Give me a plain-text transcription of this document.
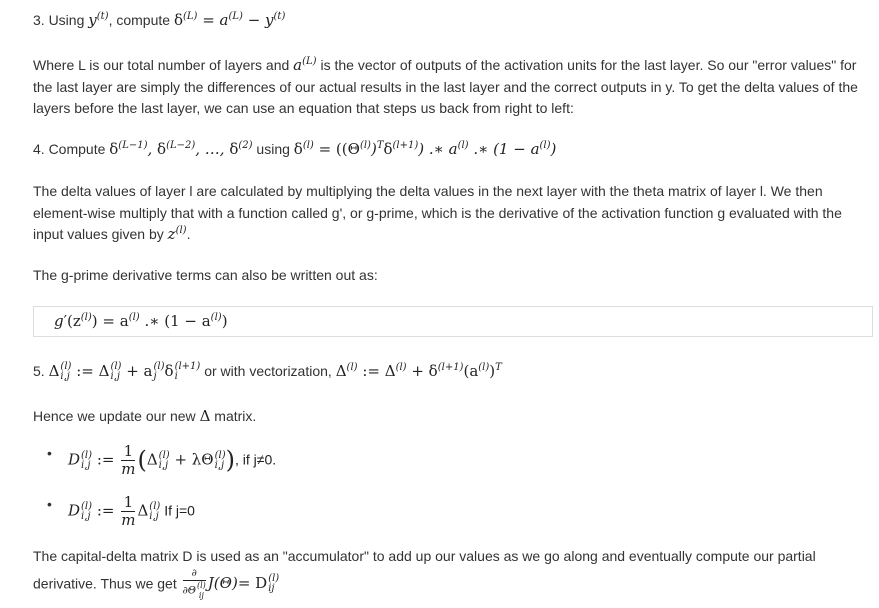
3. Using $y^{(t)}$, compute $\delta^{(L)} = a^{(L)} - y^{(t)}$

Where L is our total number of layers and $a^{(L)}$ is the vector of outputs of the activation units for the last layer. So our "error values" for the last layer are simply the differences of our actual results in the last layer and the correct outputs in y. To get the delta values of the layers before the last layer, we can use an equation that steps us back from right to left:

4. Compute $\delta^{(L-1)}$, $\delta^{(L-2)}$, …, $\delta^{(2)}$ using $\delta^{(l)} = ((\Theta^{(l)})^T\delta^{(l+1)})$ .∗ $a^{(l)}$ .∗ $(1 - a^{(l)})$

The delta values of layer l are calculated by multiplying the delta values in the next layer with the theta matrix of layer l. We then element-wise multiply that with a function called g', or g-prime, which is the derivative of the activation function g evaluated with the input values given by $z^{(l)}$.

The g-prime derivative terms can also be written out as:

$g'(z^{(l)}) = a^{(l)}$ .∗ $(1 - a^{(l)})$
5. Δ (l)
i,j := Δ (l)
i,j + a (l)
j δ (l+1)
i	or with vectorization, $\Delta^{(l)}$ := $\Delta^{(l)} + \delta^{(l+1)}(a^{(l)})^T$
Hence we update our new Δ matrix.
• D (l)
i,j := $\frac{1}{m} (\Delta$ (l)
i,j + λΘ (l)
i,j ), if j≠0.
• D (l)
i,j := $\frac{1}{m}$ Δ (l)
i,j If j=0

The capital-delta matrix D is used as an "accumulator" to add up our values as we go along and eventually compute our partial derivative. Thus we get ∂
∂Θ (l)
ij J(Θ)= D (l)
ij
